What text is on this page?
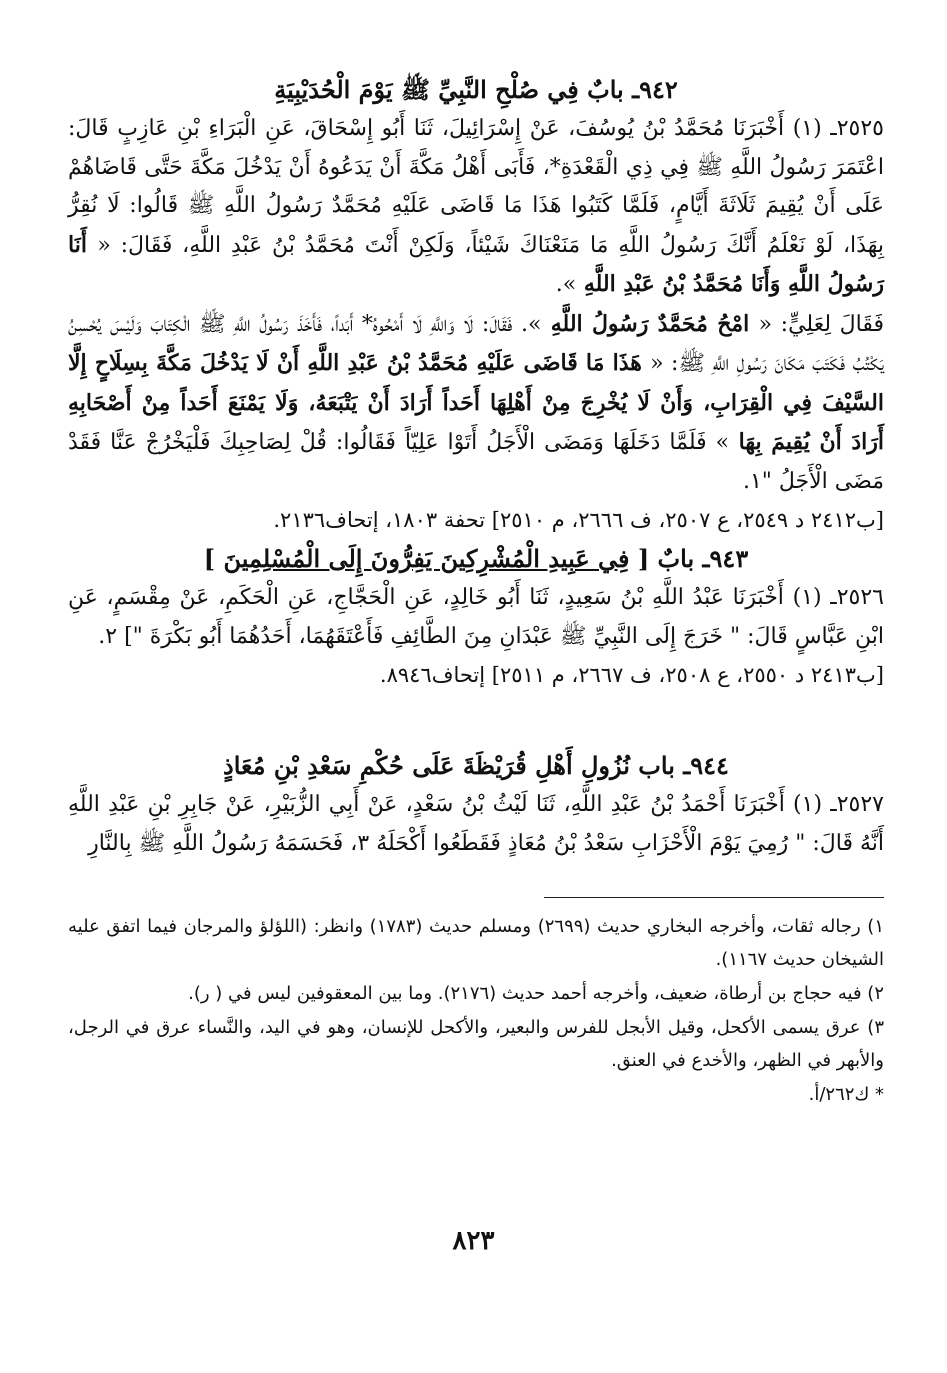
٩٤٢ـ بابٌ فِي صُلْحِ النَّبِيِّ ﷺ يَوْمَ الْحُدَيْبِيَةِ

٢٥٢٥ـ (١) أَخْبَرَنَا مُحَمَّدُ بْنُ يُوسُفَ، عَنْ إِسْرَائِيلَ، ثَنَا أَبُو إِسْحَاقَ، عَنِ الْبَرَاءِ بْنِ عَازِبٍ قَالَ: اعْتَمَرَ رَسُولُ اللَّهِ ﷺ فِي ذِي الْقَعْدَةِ*، فَأَبَى أَهْلُ مَكَّةَ أَنْ يَدَعُوهُ أَنْ يَدْخُلَ مَكَّةَ حَتَّى قَاضَاهُمْ عَلَى أَنْ يُقِيمَ ثَلَاثَةَ أَيَّامٍ، فَلَمَّا كَتَبُوا هَذَا مَا قَاضَى عَلَيْهِ مُحَمَّدٌ رَسُولُ اللَّهِ ﷺ قَالُوا: لَا نُقِرُّ بِهَذَا، لَوْ نَعْلَمُ أَنَّكَ رَسُولُ اللَّهِ مَا مَنَعْنَاكَ شَيْئاً، وَلَكِنْ أَنْتَ مُحَمَّدُ بْنُ عَبْدِ اللَّهِ، فَقَالَ: « أَنَا رَسُولُ اللَّهِ وَأَنَا مُحَمَّدُ بْنُ عَبْدِ اللَّهِ ».

فَقَالَ لِعَلِيٍّ: « امْحُ مُحَمَّدٌ رَسُولُ اللَّهِ ». فَقَالَ: لَا وَاللَّهِ لَا أَمْحُوهُ* أَبَداً، فَأَخَذَ رَسُولُ اللَّهِ ﷺ الْكِتَابَ وَلَيْسَ يُحْسِنُ يَكْتُبُ فَكَتَبَ مَكَانَ رَسُولِ اللَّهِ ﷺ: « هَذَا مَا قَاضَى عَلَيْهِ مُحَمَّدُ بْنُ عَبْدِ اللَّهِ أَنْ لَا يَدْخُلَ مَكَّةَ بِسِلَاحٍ إِلَّا السَّيْفَ فِي الْقِرَابِ، وَأَنْ لَا يُخْرِجَ مِنْ أَهْلِهَا أَحَداً أَرَادَ أَنْ يَتْبَعَهُ، وَلَا يَمْنَعَ أَحَداً مِنْ أَصْحَابِهِ أَرَادَ أَنْ يُقِيمَ بِهَا » فَلَمَّا دَخَلَهَا وَمَضَى الْأَجَلُ أَتَوْا عَلِيّاً فَقَالُوا: قُلْ لِصَاحِبِكَ فَلْيَخْرُجْ عَنَّا فَقَدْ مَضَى الْأَجَلُ "١.

[ب٢٤١٢ د ٢٥٤٩، ع ٢٥٠٧، ف ٢٦٦٦، م ٢٥١٠] تحفة ١٨٠٣، إتحاف٢١٣٦.

٩٤٣ـ بابٌ [ فِي عَبِيدِ الْمُشْرِكِينَ يَفِرُّونَ إِلَى الْمُسْلِمِينَ ]

٢٥٢٦ـ (١) أَخْبَرَنَا عَبْدُ اللَّهِ بْنُ سَعِيدٍ، ثَنَا أَبُو خَالِدٍ، عَنِ الْحَجَّاجِ، عَنِ الْحَكَمِ، عَنْ مِقْسَمٍ، عَنِ ابْنِ عَبَّاسٍ قَالَ: " خَرَجَ إِلَى النَّبِيِّ ﷺ عَبْدَانِ مِنَ الطَّائِفِ فَأَعْتَقَهُمَا، أَحَدُهُمَا أَبُو بَكْرَةَ "] ٢.

[ب٢٤١٣ د ٢٥٥٠، ع ٢٥٠٨، ف ٢٦٦٧، م ٢٥١١] إتحاف٨٩٤٦.

٩٤٤ـ باب نُزُولِ أَهْلِ قُرَيْظَةَ عَلَى حُكْمِ سَعْدِ بْنِ مُعَاذٍ

٢٥٢٧ـ (١) أَخْبَرَنَا أَحْمَدُ بْنُ عَبْدِ اللَّهِ، ثَنَا لَيْثُ بْنُ سَعْدٍ، عَنْ أَبِي الزُّبَيْرِ، عَنْ جَابِرِ بْنِ عَبْدِ اللَّهِ أَنَّهُ قَالَ: " رُمِيَ يَوْمَ الْأَحْزَابِ سَعْدُ بْنُ مُعَاذٍ فَقَطَعُوا أَكْحَلَهُ ٣، فَحَسَمَهُ رَسُولُ اللَّهِ ﷺ بِالنَّارِ

١) رجاله ثقات، وأخرجه البخاري حديث (٢٦٩٩) ومسلم حديث (١٧٨٣) وانظر: (اللؤلؤ والمرجان فيما اتفق عليه الشيخان حديث ١١٦٧).

٢) فيه حجاج بن أرطاة، ضعيف، وأخرجه أحمد حديث (٢١٧٦). وما بين المعقوفين ليس في ( ر).

٣) عرق يسمى الأكحل، وقيل الأبجل للفرس والبعير، والأكحل للإنسان، وهو في اليد، والنَّساء عرق في الرجل، والأبهر في الظهر، والأخدع في العنق.

* ك٢٦٢/أ.

٨٢٣
